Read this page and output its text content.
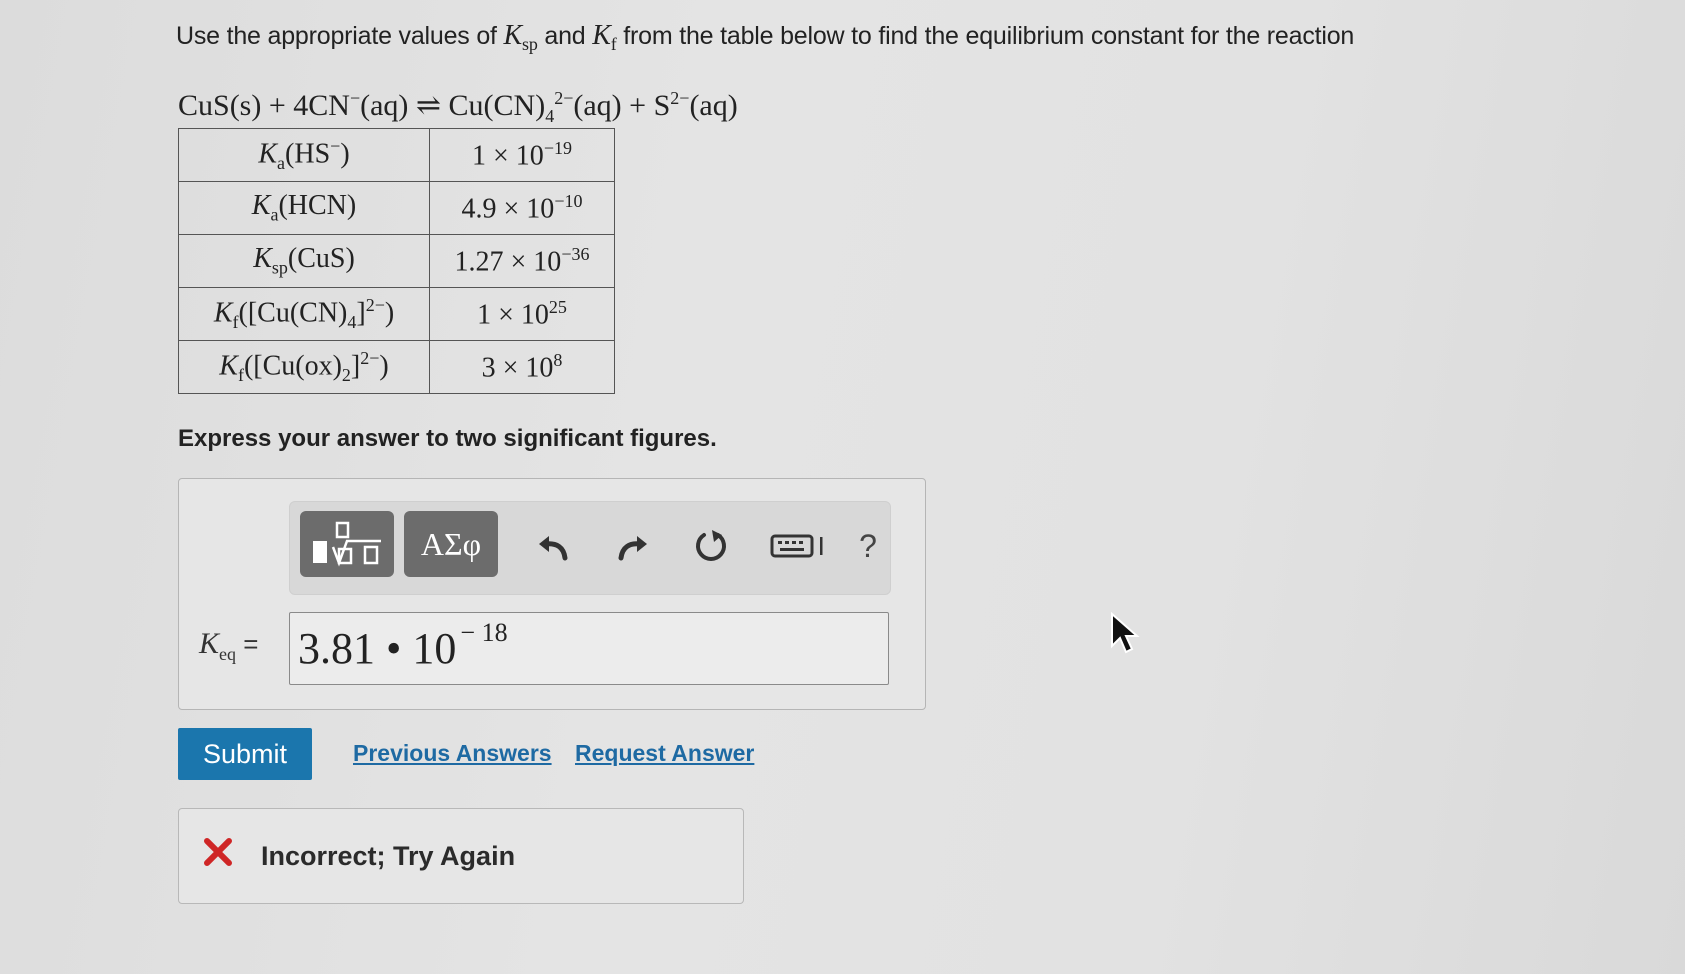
Use the appropriate values of $K_{sp}$ and $K_f$ from the table below to find the equilibrium constant for the reaction
CuS(s) + 4CN−(aq) ⇌ $Cu(CN)_4^{2-}(aq) + S^{2-}(aq)$
$K_a(HS^-)$	$1 \times 10^{-19}$
$K_a(HCN)$	$4.9 \times 10^{-10}$
$K_{sp}(CuS)$	$1.27 \times 10^{-36}$
$K_f([Cu(CN)_4]^{2-})$	$1 \times 10^{25}$
$K_f([Cu(ox)_2]^{2-})$	$3 \times 10^8$
Express your answer to two significant figures.
ΑΣφ	?
$K_{eq} = 3.81$ • 10 − 18
Submit	Previous Answers Request Answer
Incorrect; Try Again
